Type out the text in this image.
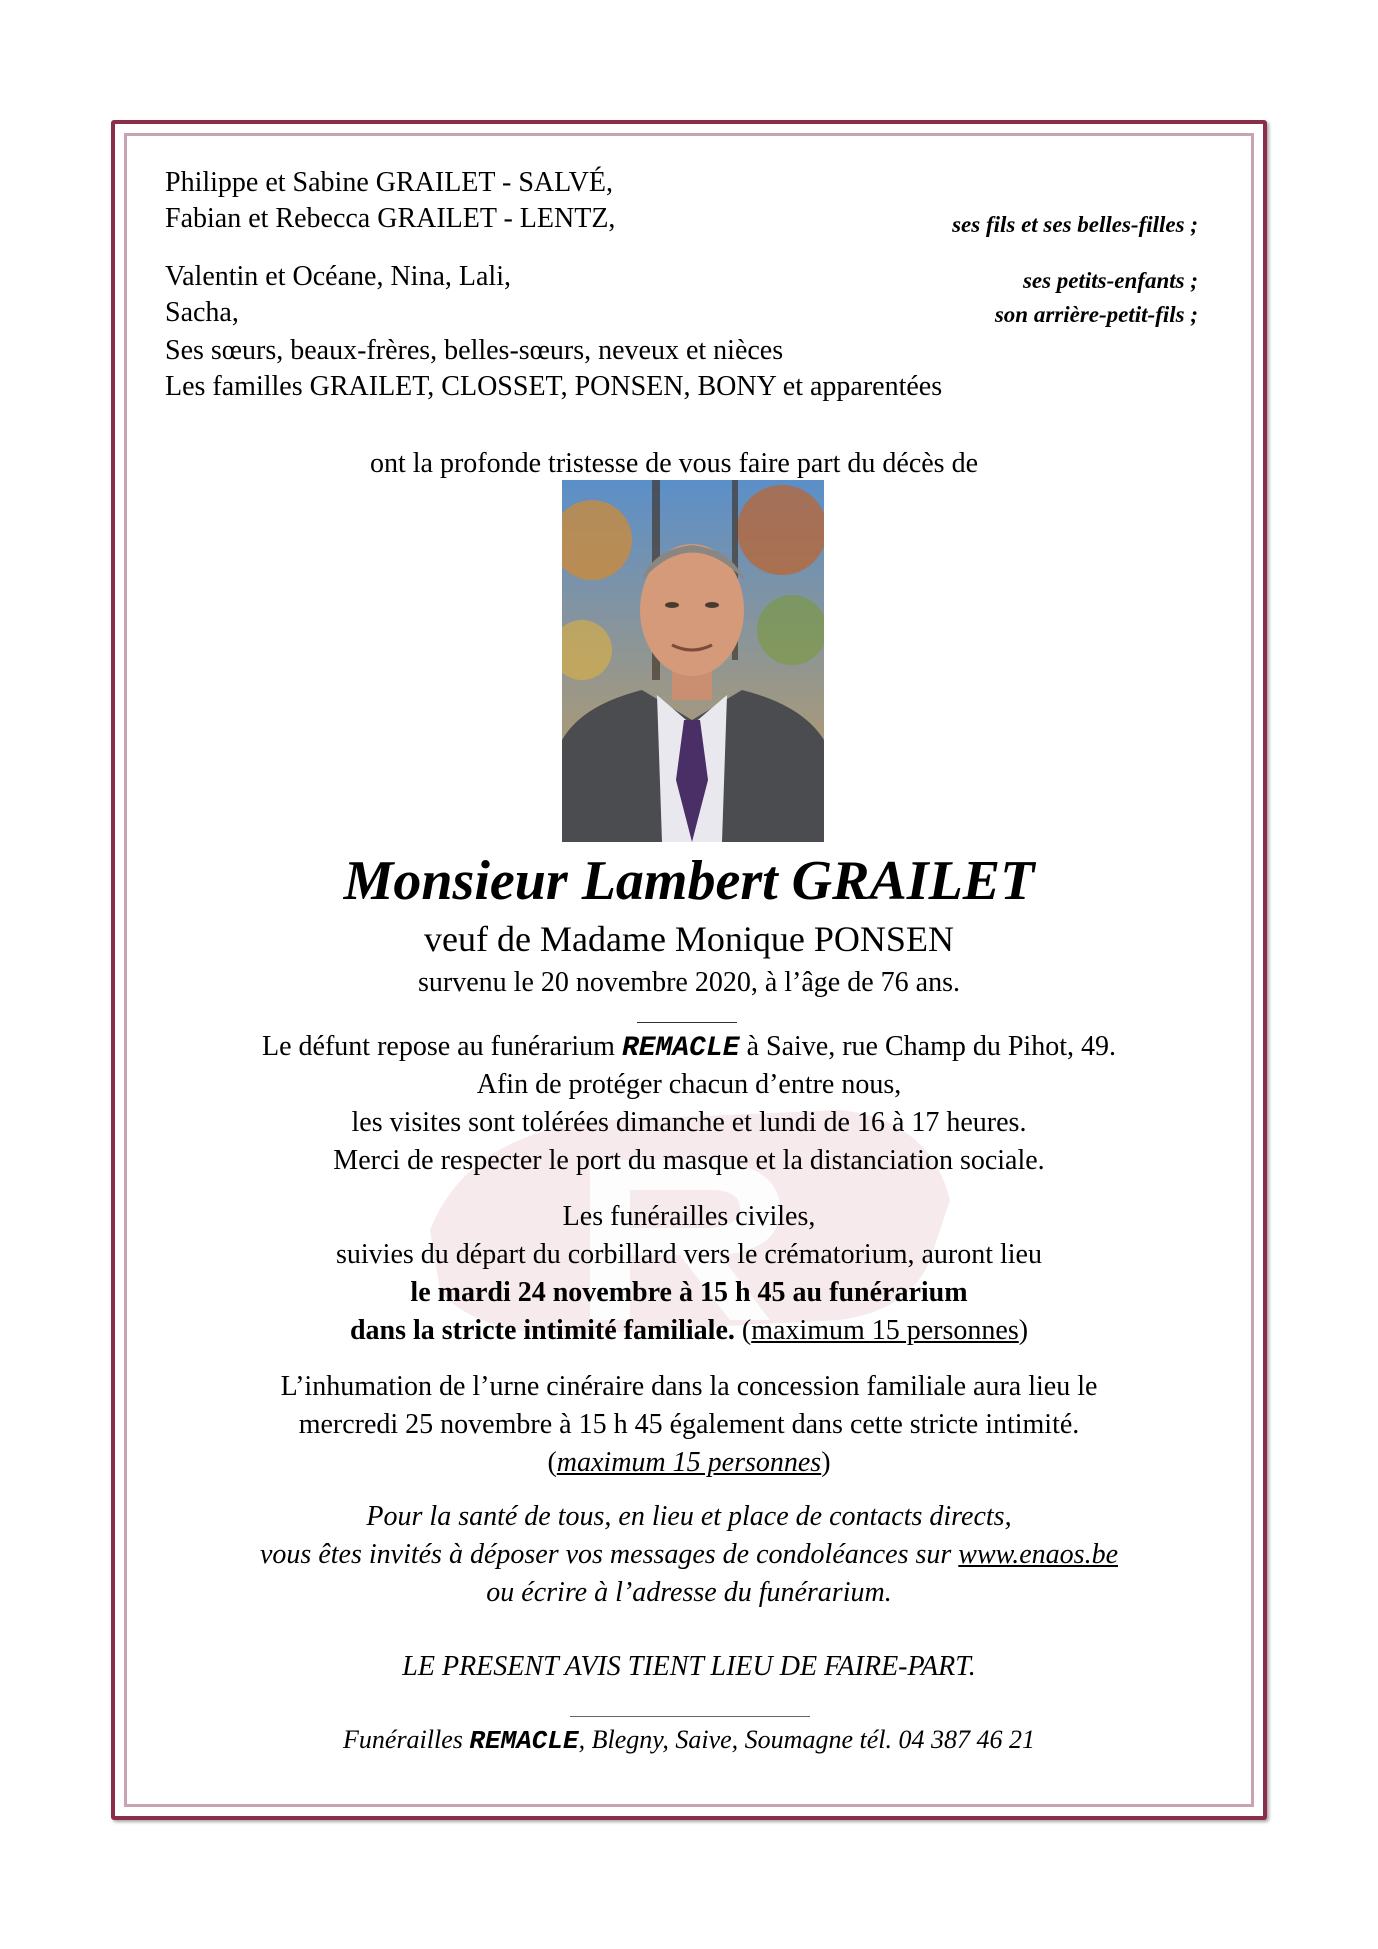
Philippe et Sabine GRAILET - SALVÉ,
Fabian et Rebecca GRAILET - LENTZ,	ses fils et ses belles-filles ;
Valentin et Océane, Nina, Lali,	ses petits-enfants ;
Sacha,	son arrière-petit-fils ;
Ses sœurs, beaux-frères, belles-sœurs, neveux et nièces
Les familles GRAILET, CLOSSET, PONSEN, BONY et apparentées
ont la profonde tristesse de vous faire part du décès de
Monsieur Lambert GRAILET
veuf de Madame Monique PONSEN
survenu le 20 novembre 2020, à l’âge de 76 ans.
Le défunt repose au funérarium REMACLE à Saive, rue Champ du Pihot, 49.
Afin de protéger chacun d’entre nous,
les visites sont tolérées dimanche et lundi de 16 à 17 heures.
Merci de respecter le port du masque et la distanciation sociale.
Les funérailles civiles,
suivies du départ du corbillard vers le crématorium, auront lieu
le mardi 24 novembre à 15 h 45 au funérarium
dans la stricte intimité familiale. (maximum 15 personnes)
L’inhumation de l’urne cinéraire dans la concession familiale aura lieu le
mercredi 25 novembre à 15 h 45 également dans cette stricte intimité.
(maximum 15 personnes)
Pour la santé de tous, en lieu et place de contacts directs,
vous êtes invités à déposer vos messages de condoléances sur www.enaos.be
ou écrire à l’adresse du funérarium.
LE PRESENT AVIS TIENT LIEU DE FAIRE-PART.
Funérailles REMACLE, Blegny, Saive, Soumagne tél. 04 387 46 21
